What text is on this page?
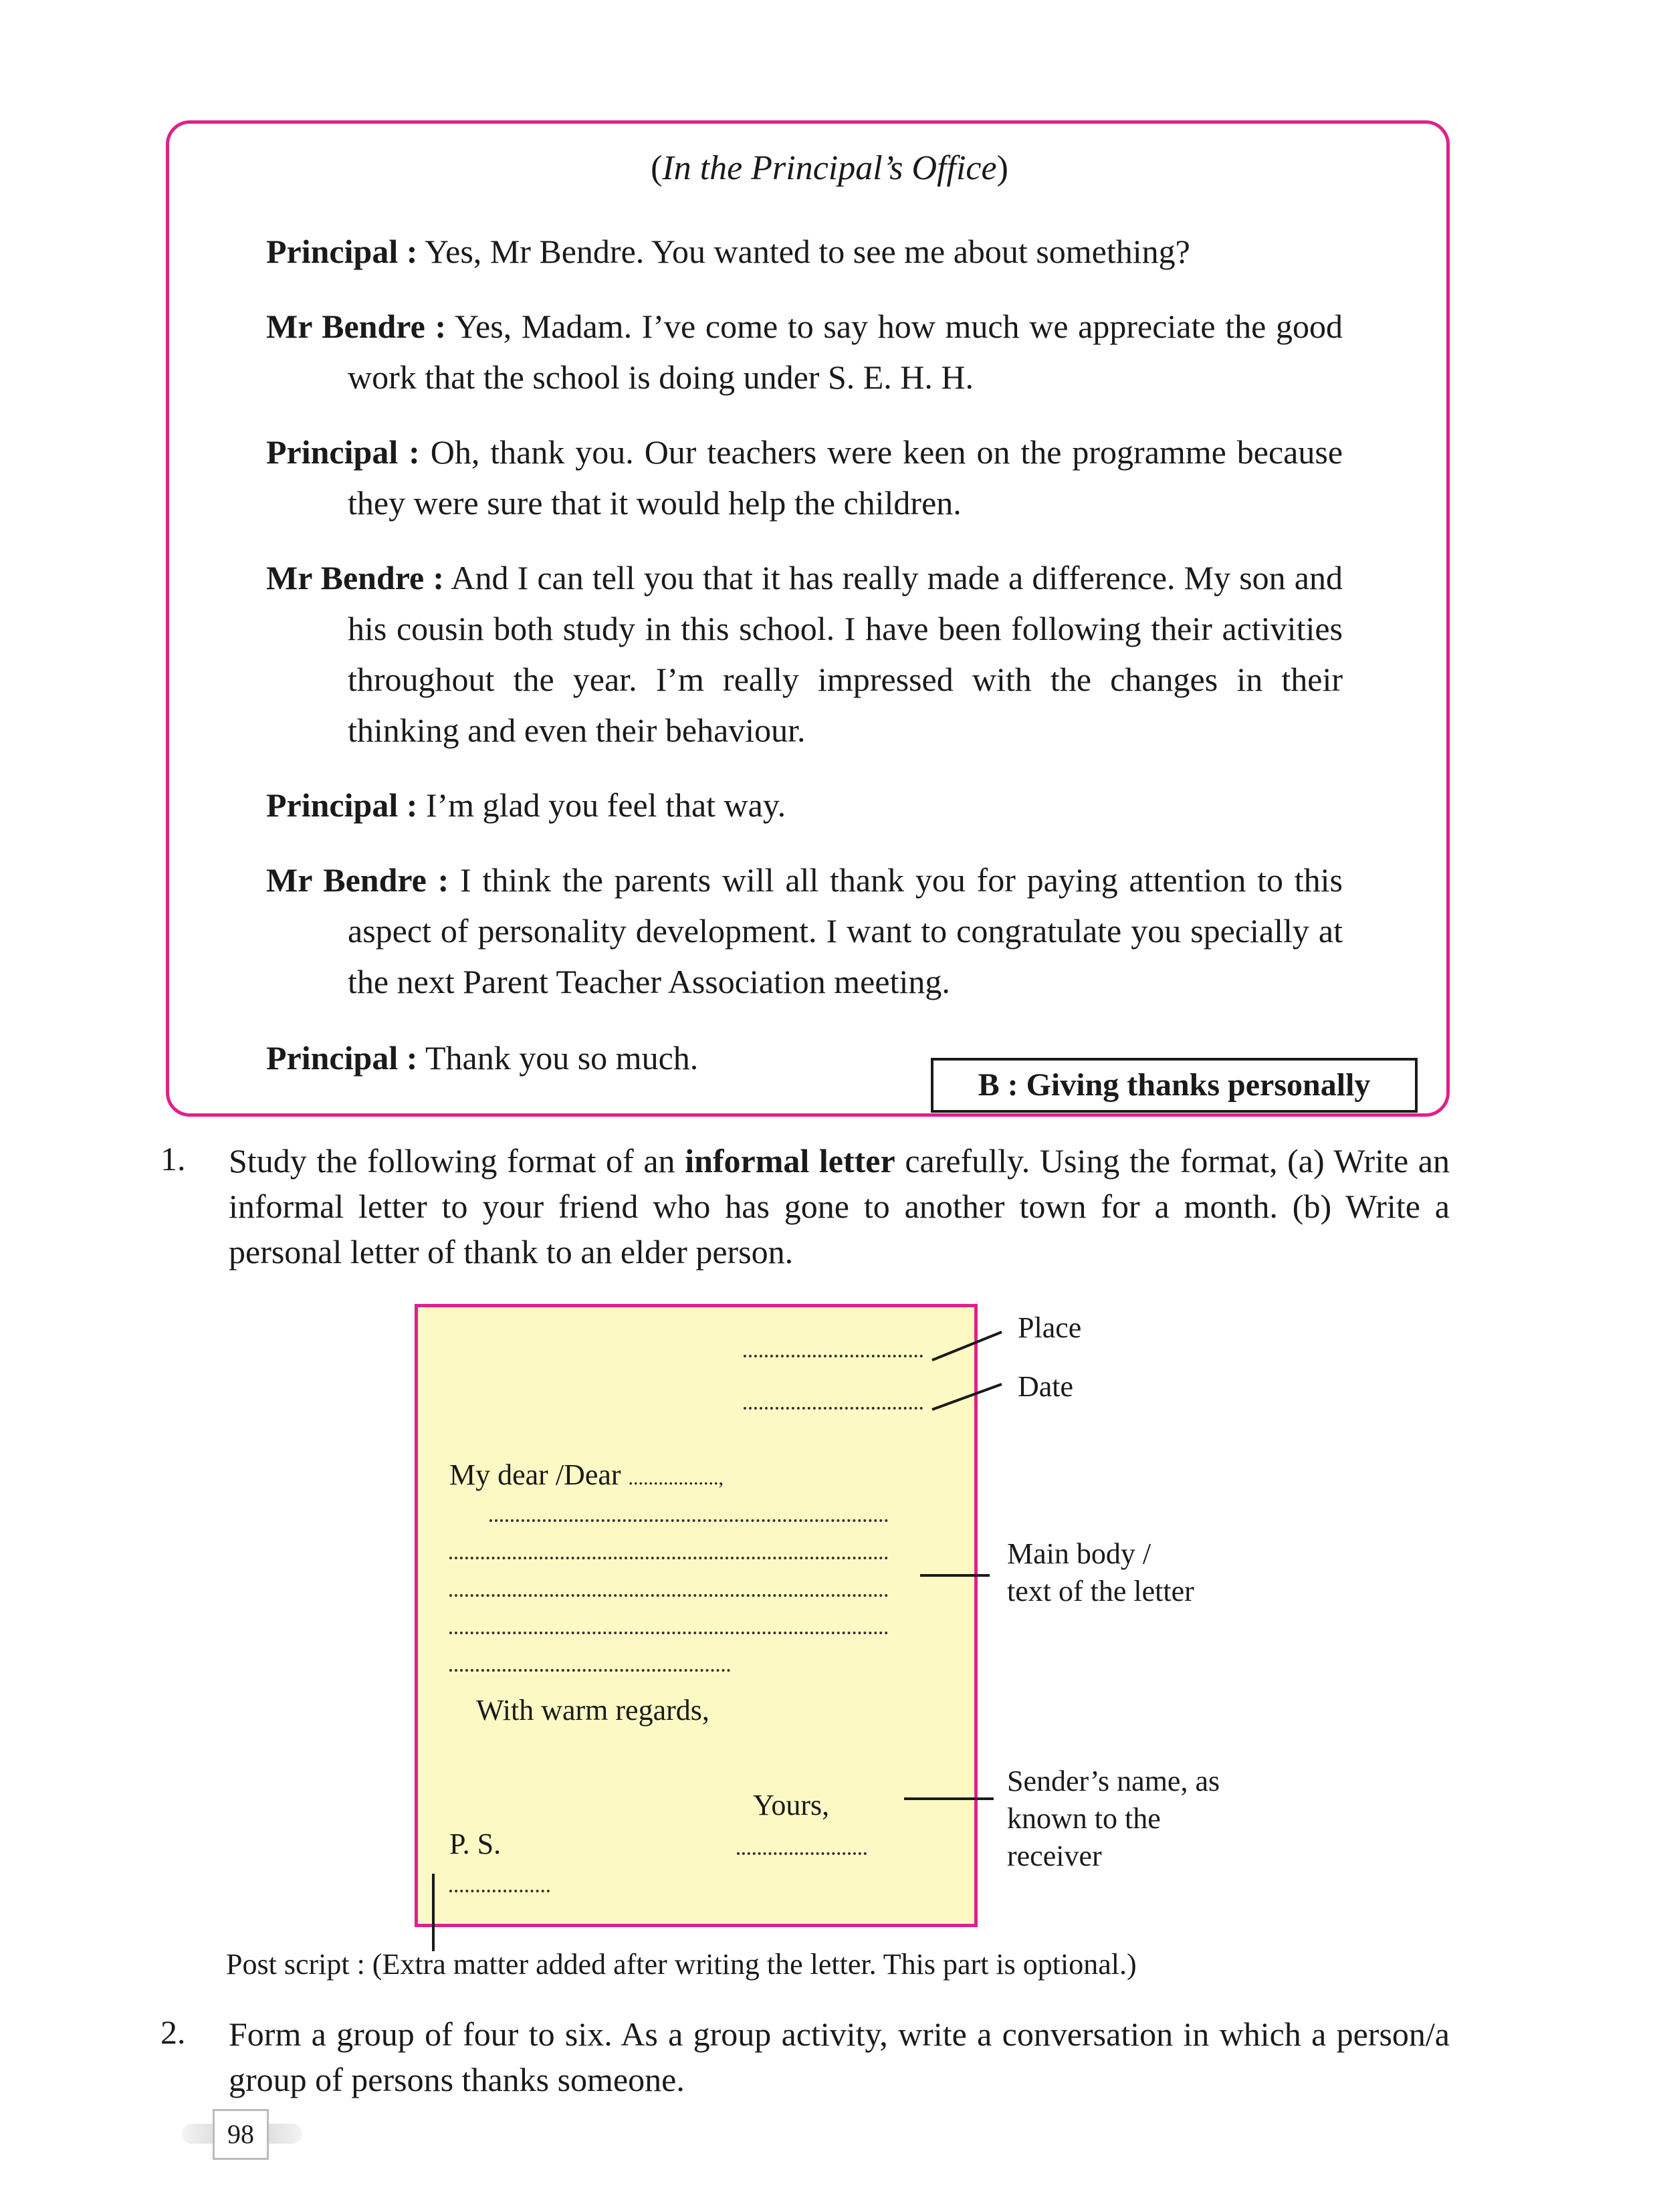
(In the Principal’s Office)
Principal : Yes, Mr Bendre. You wanted to see me about something?
Mr Bendre : Yes, Madam. I’ve come to say how much we appreciate the good work that the school is doing under S. E. H. H.
Principal : Oh, thank you. Our teachers were keen on the programme because they were sure that it would help the children.
Mr Bendre : And I can tell you that it has really made a difference. My son and his cousin both study in this school. I have been following their activities throughout the year. I’m really impressed with the changes in their thinking and even their behaviour.
Principal : I’m glad you feel that way.
Mr Bendre : I think the parents will all thank you for paying attention to this aspect of personality development. I want to congratulate you specially at the next Parent Teacher Association meeting.
Principal : Thank you so much.
B : Giving thanks personally
1. Study the following format of an informal letter carefully. Using the format, (a) Write an informal letter to your friend who has gone to another town for a month. (b) Write a personal letter of thank to an elder person.
My dear /Dear ..................,
With warm regards,
Yours,
P. S.
Place
Date
Main body / text of the letter
Sender’s name, as known to the receiver
Post script : (Extra matter added after writing the letter. This part is optional.)
2. Form a group of four to six. As a group activity, write a conversation in which a person/a group of persons thanks someone.
98
